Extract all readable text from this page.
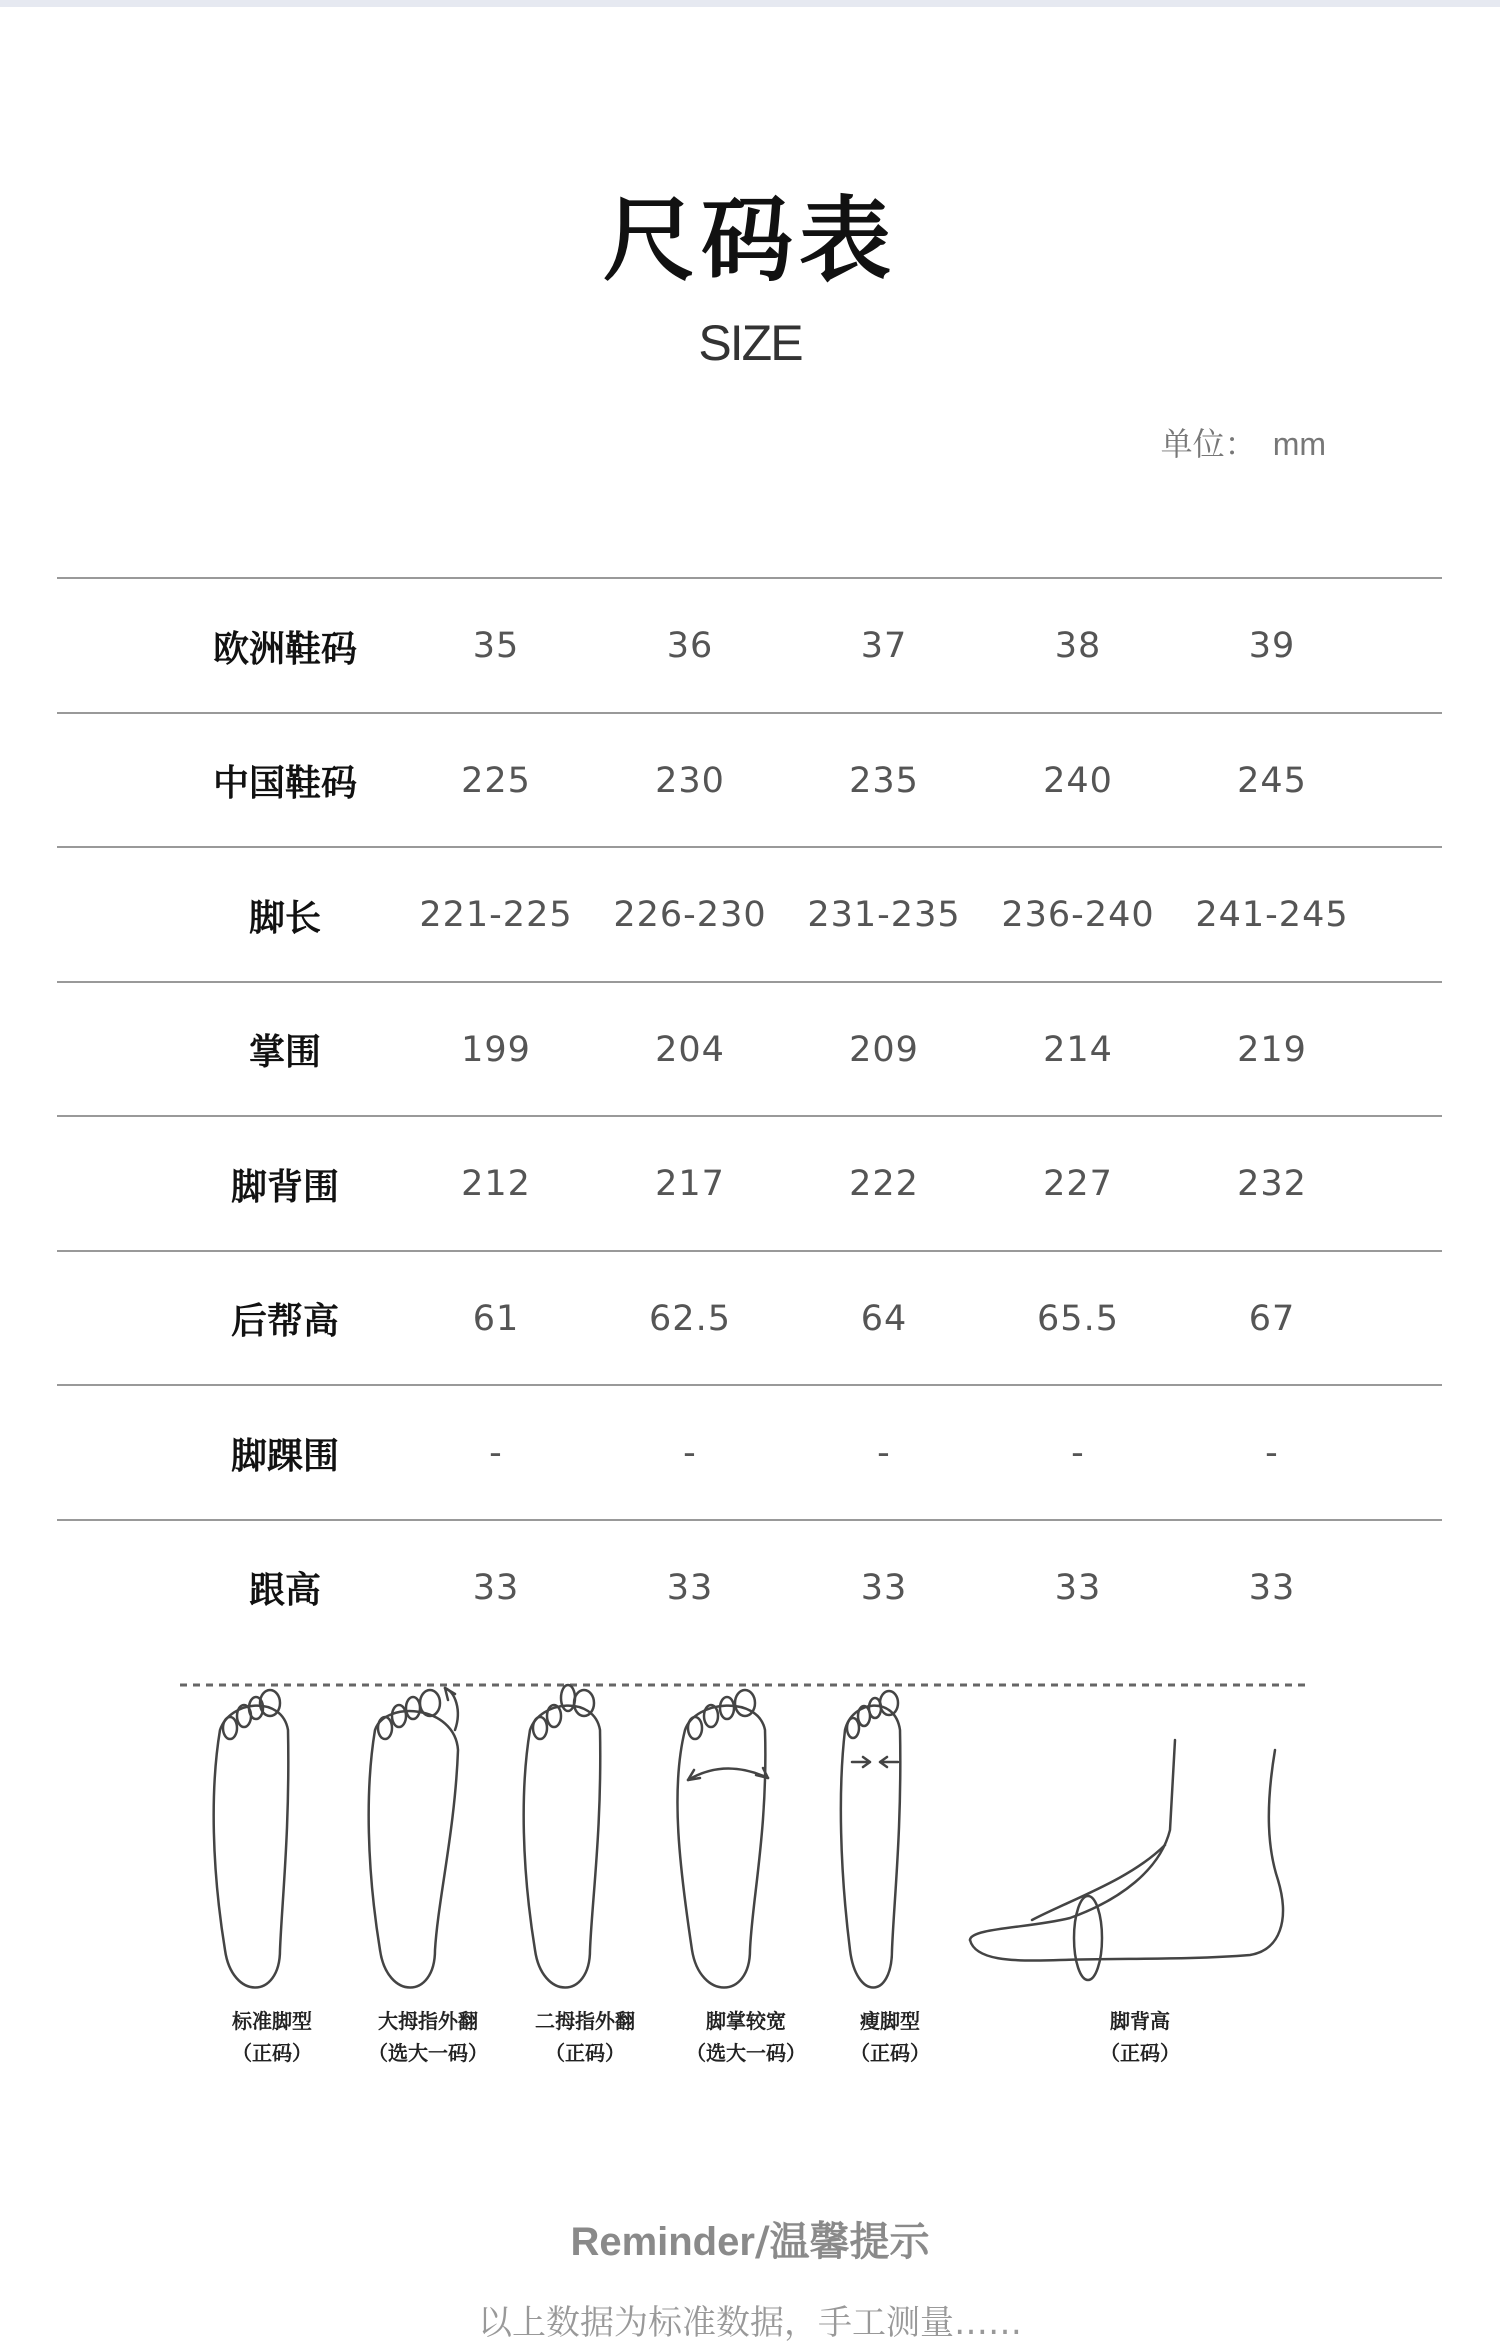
尺码表
SIZE
单位： mm
欧洲鞋码	35	36	37	38	39
中国鞋码	225	230	235	240	245
脚长	221-225	226-230	231-235	236-240	241-245
掌围	199	204	209	214	219
脚背围	212	217	222	227	232
后帮高	61	62.5	64	65.5	67
脚踝围	-	-	-	-	-
跟高	33	33	33	33	33
标准脚型
（正码）
大拇指外翻
（选大一码）
二拇指外翻
（正码）
脚掌较宽
（选大一码）
瘦脚型
（正码）
脚背高
（正码）
Reminder/温馨提示
以上数据为标准数据，手工测量……
